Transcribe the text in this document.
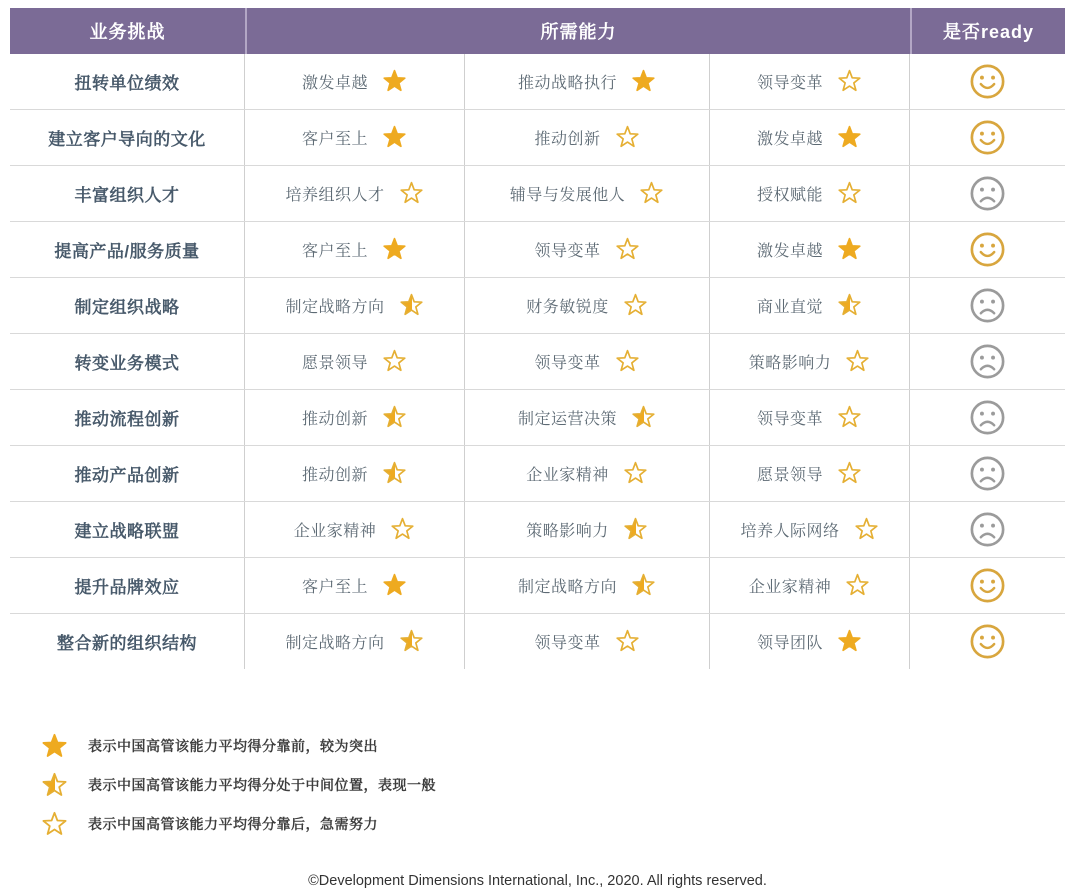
业务挑战	所需能力	是否ready
扭转单位绩效	激发卓越	推动战略执行	领导变革
建立客户导向的文化	客户至上	推动创新	激发卓越
丰富组织人才	培养组织人才	辅导与发展他人	授权赋能
提高产品/服务质量	客户至上	领导变革	激发卓越
制定组织战略	制定战略方向	财务敏锐度	商业直觉
转变业务模式	愿景领导	领导变革	策略影响力
推动流程创新	推动创新	制定运营决策	领导变革
推动产品创新	推动创新	企业家精神	愿景领导
建立战略联盟	企业家精神	策略影响力	培养人际网络
提升品牌效应	客户至上	制定战略方向	企业家精神
整合新的组织结构	制定战略方向	领导变革	领导团队
表示中国高管该能力平均得分靠前，较为突出
表示中国高管该能力平均得分处于中间位置，表现一般
表示中国高管该能力平均得分靠后，急需努力
©Development Dimensions International, Inc., 2020. All rights reserved.
